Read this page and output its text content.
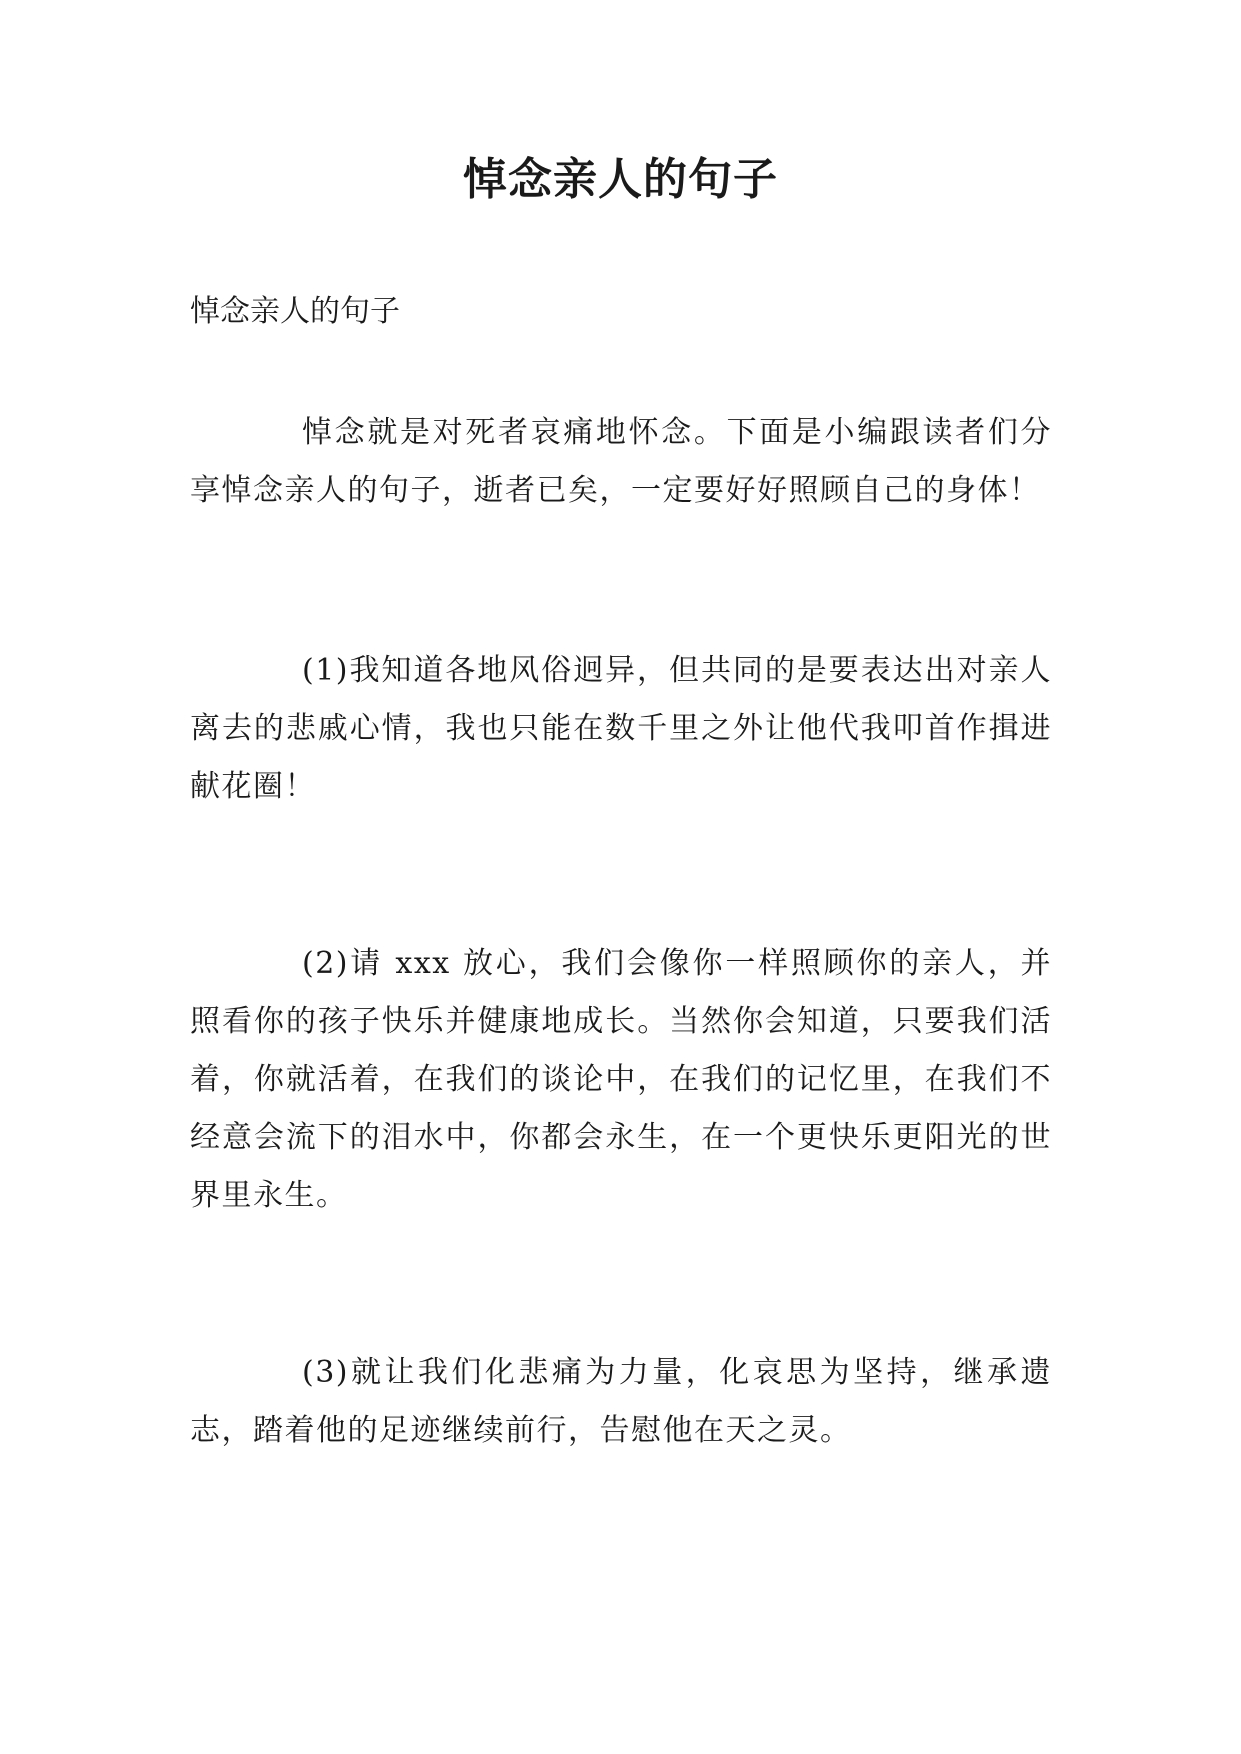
悼念亲人的句子
悼念亲人的句子

悼念就是对死者哀痛地怀念。下面是小编跟读者们分享悼念亲人的句子，逝者已矣，一定要好好照顾自己的身体！

(1)我知道各地风俗迥异，但共同的是要表达出对亲人离去的悲戚心情，我也只能在数千里之外让他代我叩首作揖进献花圈！

(2)请 xxx 放心，我们会像你一样照顾你的亲人，并照看你的孩子快乐并健康地成长。当然你会知道，只要我们活着，你就活着，在我们的谈论中，在我们的记忆里，在我们不经意会流下的泪水中，你都会永生，在一个更快乐更阳光的世界里永生。

(3)就让我们化悲痛为力量，化哀思为坚持，继承遗志，踏着他的足迹继续前行，告慰他在天之灵。
